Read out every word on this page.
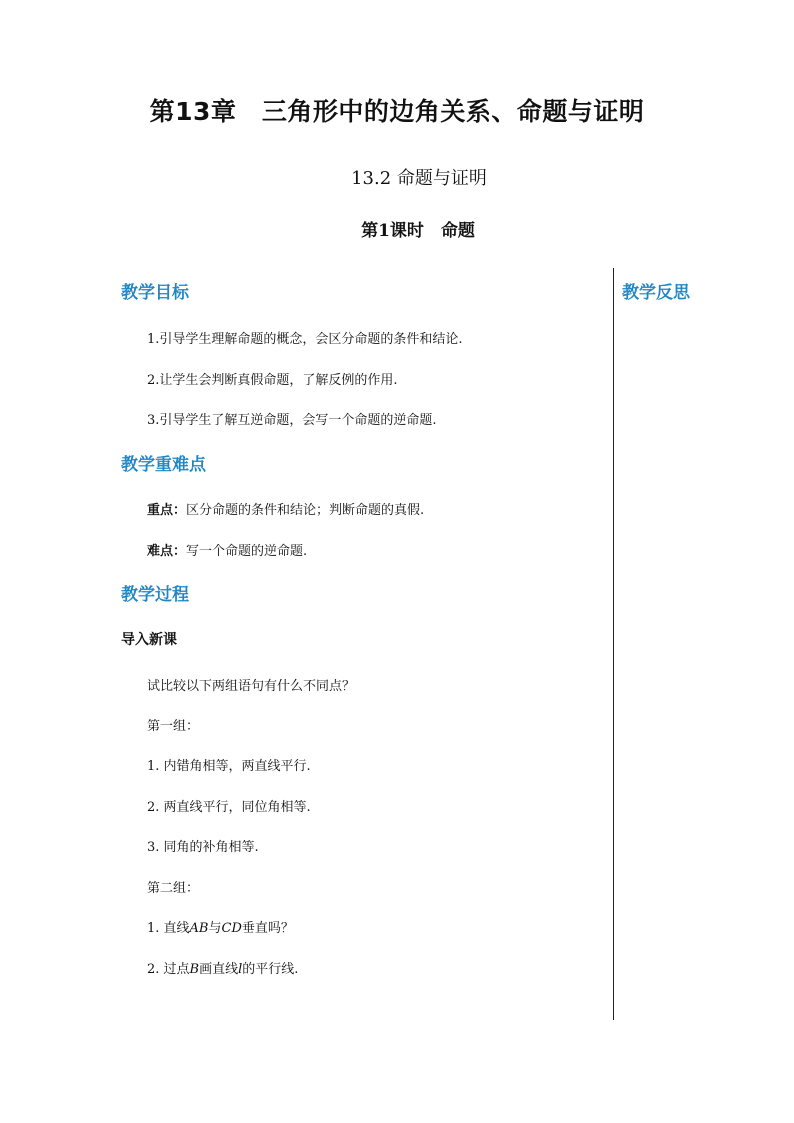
第13章　三角形中的边角关系、命题与证明
13.2 命题与证明
第1课时　命题
教学目标
1.引导学生理解命题的概念，会区分命题的条件和结论.
2.让学生会判断真假命题，了解反例的作用.
3.引导学生了解互逆命题，会写一个命题的逆命题.
教学重难点
重点：区分命题的条件和结论；判断命题的真假.
难点：写一个命题的逆命题.
教学过程
导入新课
试比较以下两组语句有什么不同点？
第一组：
1. 内错角相等，两直线平行.
2. 两直线平行，同位角相等.
3. 同角的补角相等.
第二组：
1. 直线AB与CD垂直吗？
2. 过点B画直线l的平行线.
教学反思
